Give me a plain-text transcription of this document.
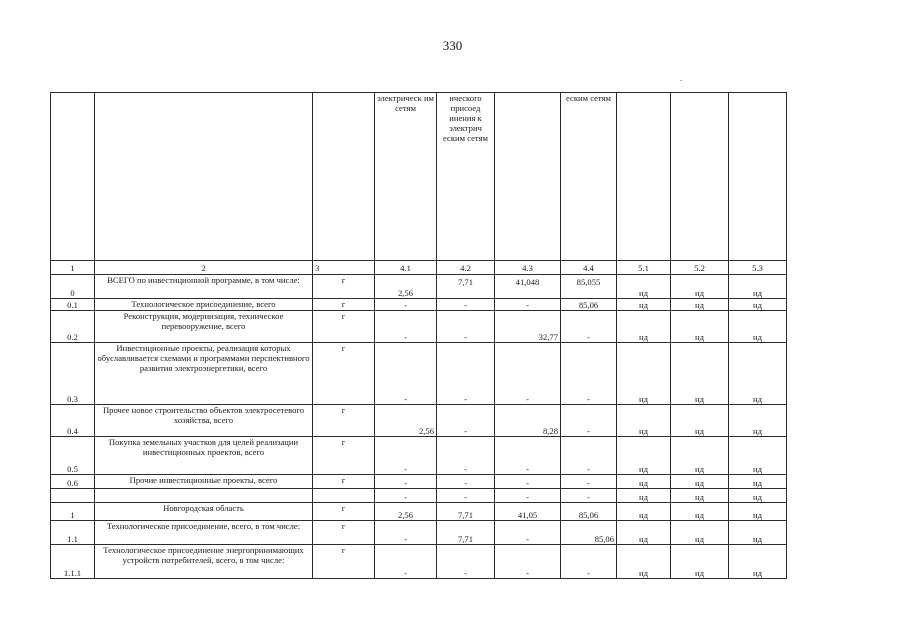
330
			электрическ им сетям	ического присоед инения к электрич еским сетям		еским сетям			
1	2	3	4.1	4.2	4.3	4.4	5.1	5.2	5.3
0	ВСЕГО по инвестиционной программе, в том числе:	г	2,56	7,71	41,048	85,055	нд	нд	нд
0.1	Технологическое присоединение, всего	г	-	-	-	85,06	нд	нд	нд
0.2	Реконструкция, модернизация, техническое перевооружение, всего	г	-	-	32,77	-	нд	нд	нд
0.3	Инвестиционные проекты, реализация которых обуславливается схемами и программами перспективного развития электроэнергетики, всего	г	-	-	-	-	нд	нд	нд
0.4	Прочее новое строительство объектов электросетевого хозяйства, всего	г	2,56	-	8,28	-	нд	нд	нд
0.5	Покупка земельных участков для целей реализации инвестиционных проектов, всего	г	-	-	-	-	нд	нд	нд
0.6	Прочие инвестиционные проекты, всего	г	-	-	-	-	нд	нд	нд
			-	-	-	-	нд	нд	нд
1	Новгородская область	г	2,56	7,71	41,05	85,06	нд	нд	нд
1.1	Технологическое присоединение, всего, в том числе:	г	-	7,71	-	85,06	нд	нд	нд
1.1.1	Технологическое присоединение энергопринимающих устройств потребителей, всего, в том числе:	г	-	-	-	-	нд	нд	нд
